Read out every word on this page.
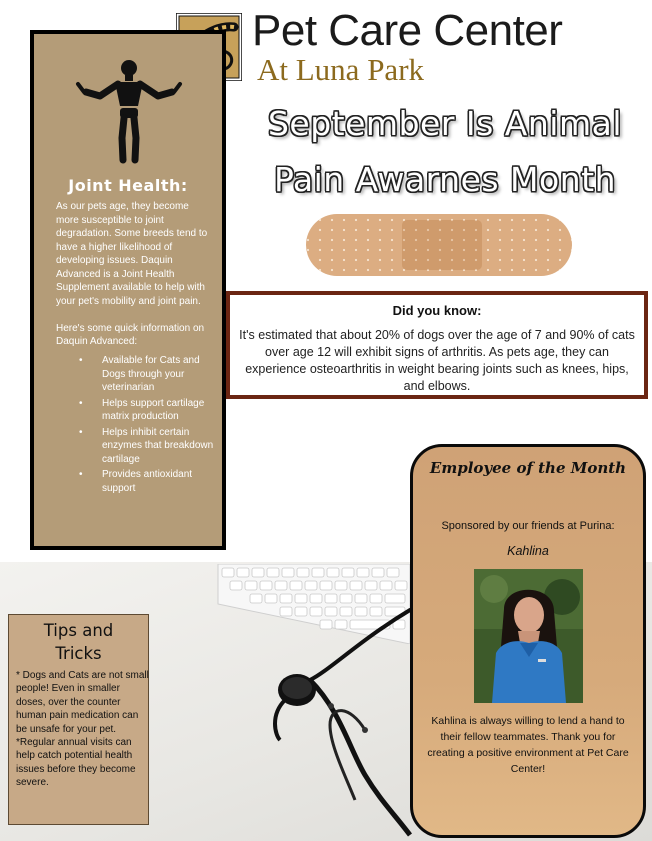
Pet Care Center
At Luna Park
September Is Animal
Pain Awarnes Month
Joint Health:

As our pets age, they become more susceptible to joint degradation. Some breeds tend to have a higher likelihood of developing issues. Daquin Advanced is a Joint Health Supplement available to help with your pet's mobility and joint pain.

Here's some quick information on Daquin Advanced:

• Available for Cats and Dogs through your veterinarian
• Helps support cartilage matrix production
• Helps inhibit certain enzymes that breakdown cartilage
• Provides antioxidant support
Did you know:
It's estimated that about 20% of dogs over the age of 7 and 90% of cats over age 12 will exhibit signs of arthritis. As pets age, they can experience osteoarthritis in weight bearing joints such as knees, hips, and elbows.
Tips and
Tricks

* Dogs and Cats are not small people! Even in smaller doses, over the counter human pain medication can be unsafe for your pet.

*Regular annual visits can help catch potential health issues before they become severe.

Employee of the Month
Sponsored by our friends at Purina:
Kahlina
Kahlina is always willing to lend a hand to their fellow teammates. Thank you for creating a positive environment at Pet Care Center!
